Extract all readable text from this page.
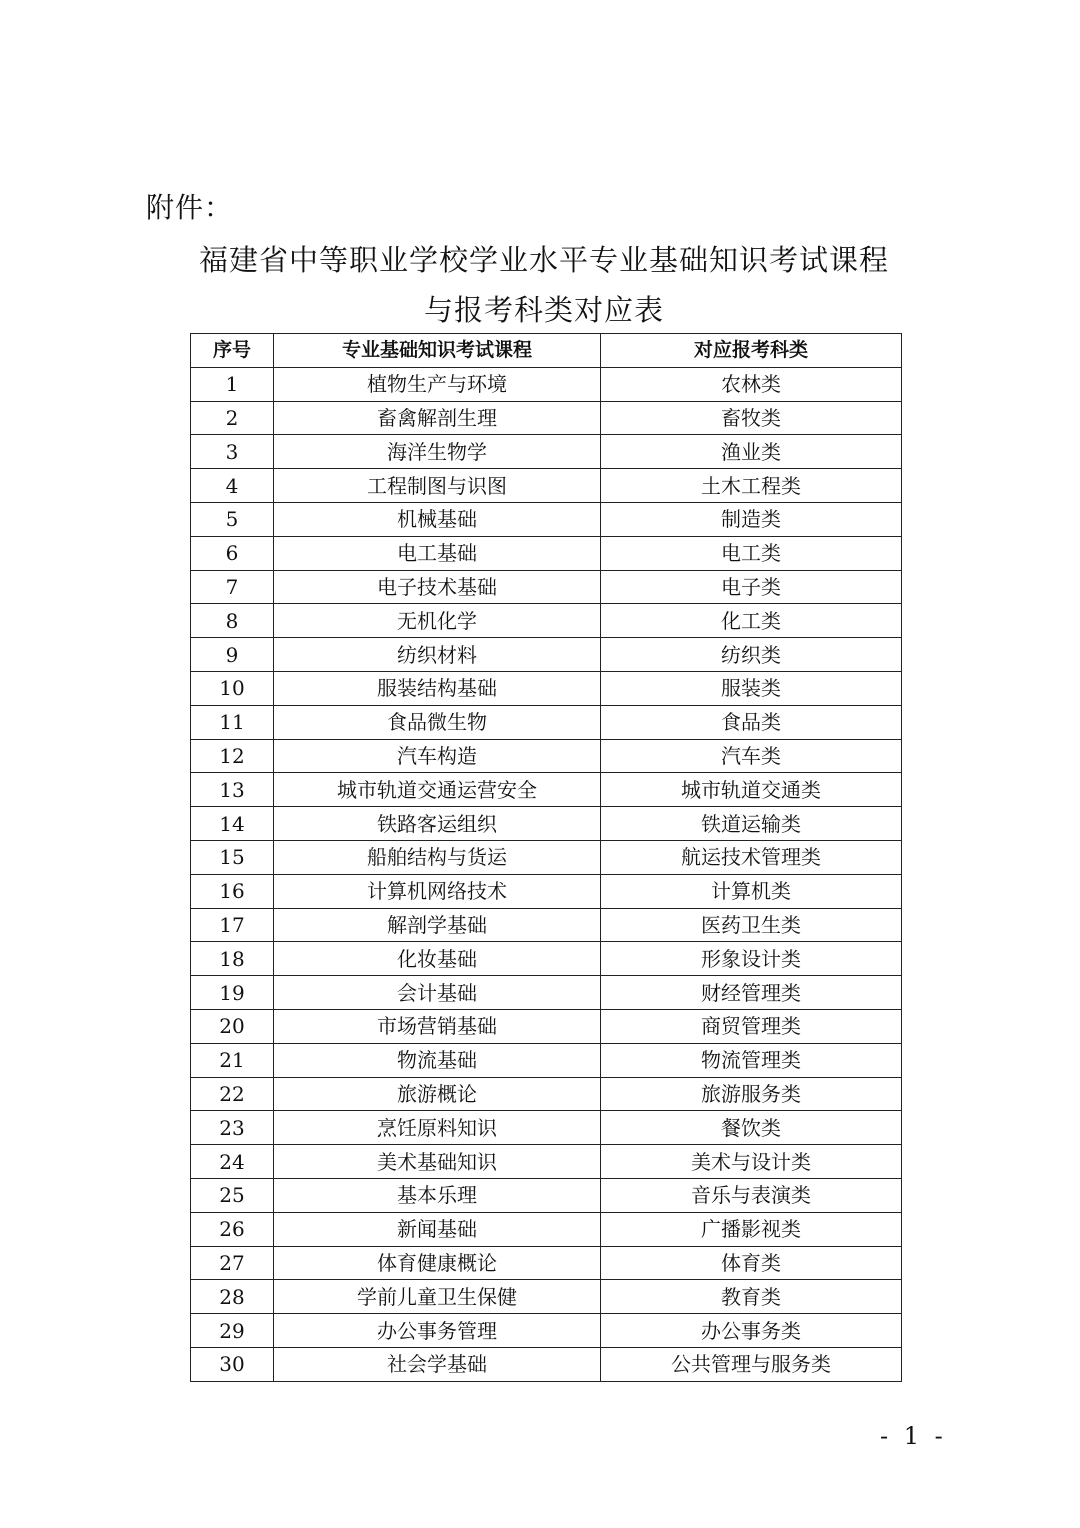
附件：
福建省中等职业学校学业水平专业基础知识考试课程
与报考科类对应表
序号	专业基础知识考试课程	对应报考科类
1	植物生产与环境	农林类
2	畜禽解剖生理	畜牧类
3	海洋生物学	渔业类
4	工程制图与识图	土木工程类
5	机械基础	制造类
6	电工基础	电工类
7	电子技术基础	电子类
8	无机化学	化工类
9	纺织材料	纺织类
10	服装结构基础	服装类
11	食品微生物	食品类
12	汽车构造	汽车类
13	城市轨道交通运营安全	城市轨道交通类
14	铁路客运组织	铁道运输类
15	船舶结构与货运	航运技术管理类
16	计算机网络技术	计算机类
17	解剖学基础	医药卫生类
18	化妆基础	形象设计类
19	会计基础	财经管理类
20	市场营销基础	商贸管理类
21	物流基础	物流管理类
22	旅游概论	旅游服务类
23	烹饪原料知识	餐饮类
24	美术基础知识	美术与设计类
25	基本乐理	音乐与表演类
26	新闻基础	广播影视类
27	体育健康概论	体育类
28	学前儿童卫生保健	教育类
29	办公事务管理	办公事务类
30	社会学基础	公共管理与服务类
- 1 -
